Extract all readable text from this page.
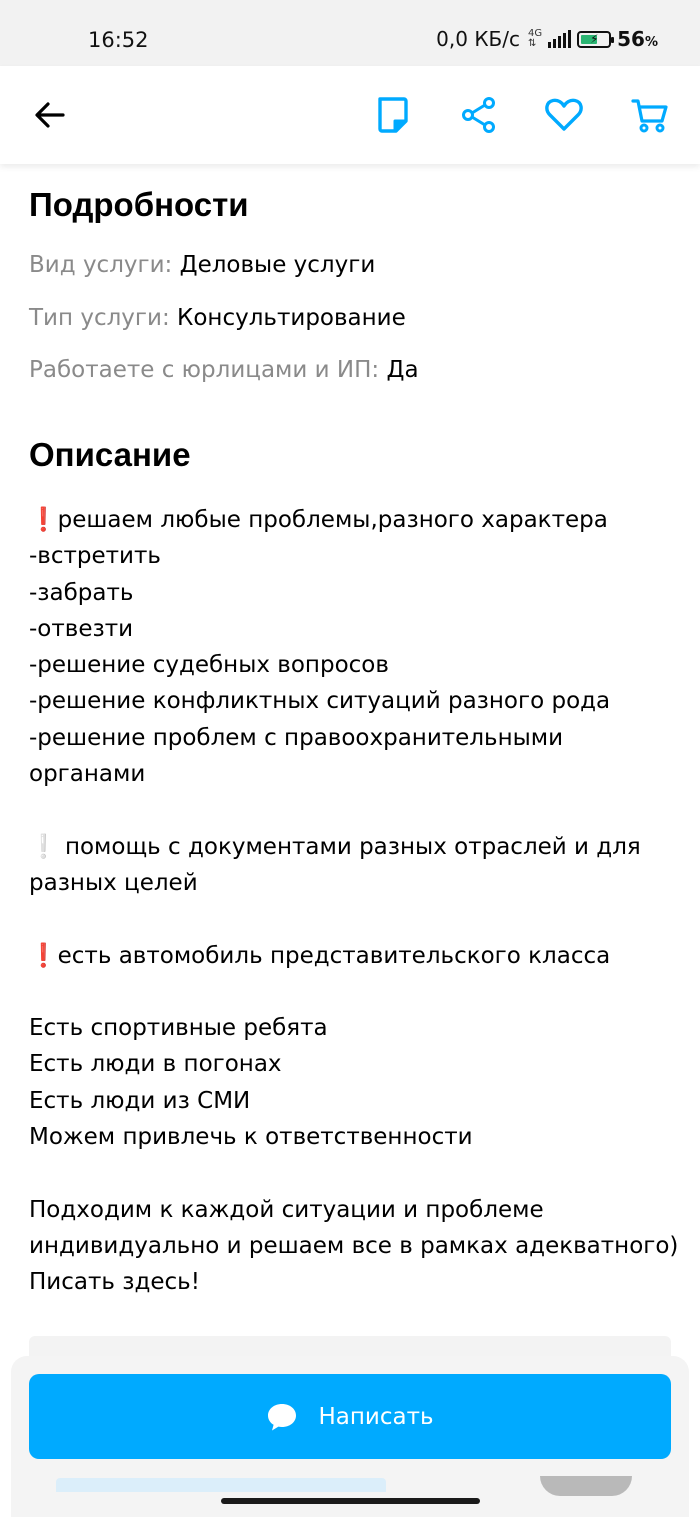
16:52	0,0 КБ/с 4G
⇅	⚡ 56%
Подробности
Вид услуги: Деловые услуги
Тип услуги: Консультирование
Работаете с юрлицами и ИП: Да
Описание
❗️решаем любые проблемы,разного характера
-встретить
-забрать
-отвезти
-решение судебных вопросов
-решение конфликтных ситуаций разного рода
-решение проблем с правоохранительными органами

❕ помощь с документами разных отраслей и для разных целей

❗️есть автомобиль представительского класса

Есть спортивные ребята
Есть люди в погонах
Есть люди из СМИ
Можем привлечь к ответственности

Подходим к каждой ситуации и проблеме индивидуально и решаем все в рамках адекватного)
Писать здесь!
Написать
